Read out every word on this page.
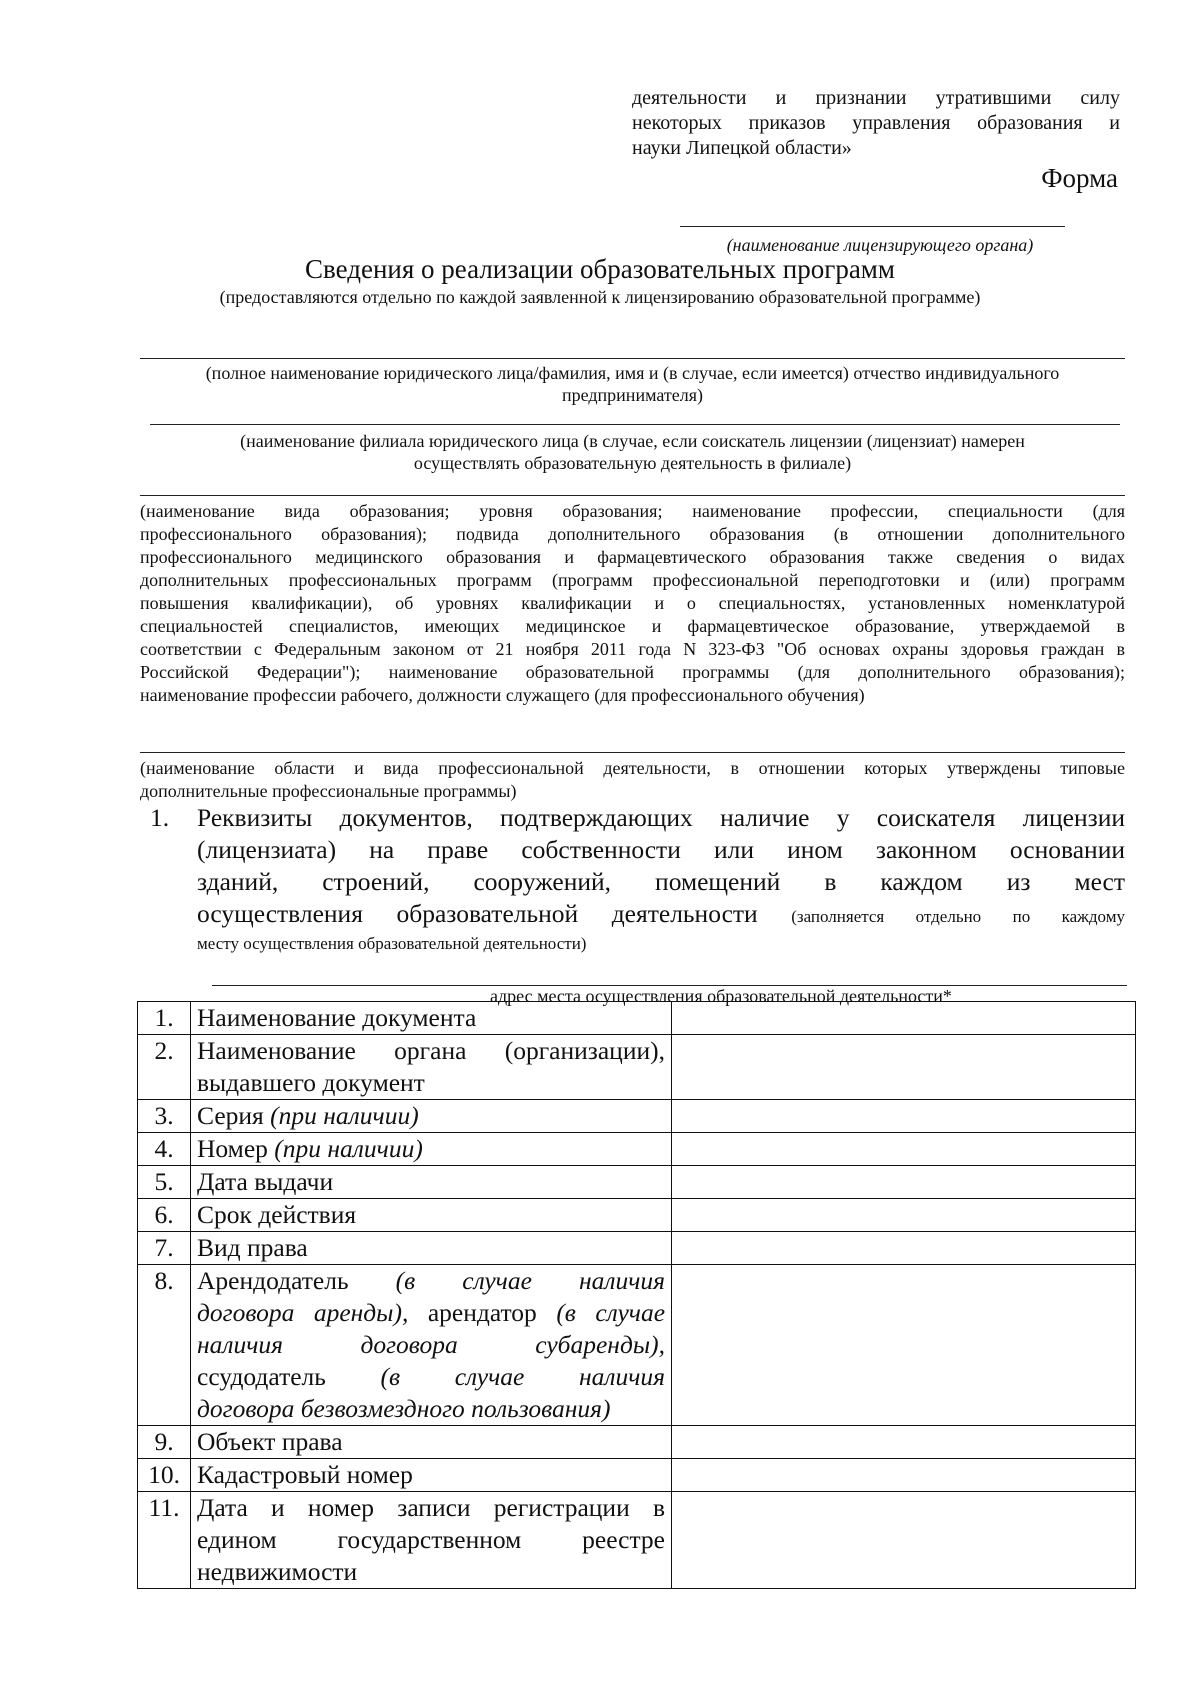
деятельности и признании утратившими силу
некоторых приказов управления образования и
науки Липецкой области»
Форма
(наименование лицензирующего органа)
Сведения о реализации образовательных программ
(предоставляются отдельно по каждой заявленной к лицензированию образовательной программе)
(полное наименование юридического лица/фамилия, имя и (в случае, если имеется) отчество индивидуального
предпринимателя)
(наименование филиала юридического лица (в случае, если соискатель лицензии (лицензиат) намерен
осуществлять образовательную деятельность в филиале)
(наименование вида образования; уровня образования; наименование профессии, специальности (для
профессионального образования); подвида дополнительного образования (в отношении дополнительного
профессионального медицинского образования и фармацевтического образования также сведения о видах
дополнительных профессиональных программ (программ профессиональной переподготовки и (или) программ
повышения квалификации), об уровнях квалификации и о специальностях, установленных номенклатурой
специальностей специалистов, имеющих медицинское и фармацевтическое образование, утверждаемой в
соответствии с Федеральным законом от 21 ноября 2011 года N 323-ФЗ "Об основах охраны здоровья граждан в
Российской Федерации"); наименование образовательной программы (для дополнительного образования);
наименование профессии рабочего, должности служащего (для профессионального обучения)
(наименование области и вида профессиональной деятельности, в отношении которых утверждены типовые
дополнительные профессиональные программы)
1. Реквизиты документов, подтверждающих наличие у соискателя лицензии
(лицензиата) на праве собственности или ином законном основании
зданий, строений, сооружений, помещений в каждом из мест
осуществления образовательной деятельности (заполняется отдельно по каждому
месту осуществления образовательной деятельности)
адрес места осуществления образовательной деятельности*
1.	Наименование документа	
2.	Наименование органа (организации),
выдавшего документ	

3.	Серия (при наличии)	
4.	Номер (при наличии)	
5.	Дата выдачи	
6.	Срок действия	
7.	Вид права	
8.	Арендодатель (в случае наличия
договора аренды), арендатор (в случае
наличия договора субаренды),
ссудодатель (в случае наличия
договора безвозмездного пользования)	

9.	Объект права	
10.	Кадастровый номер	
11.	Дата и номер записи регистрации в
едином государственном реестре
недвижимости	
